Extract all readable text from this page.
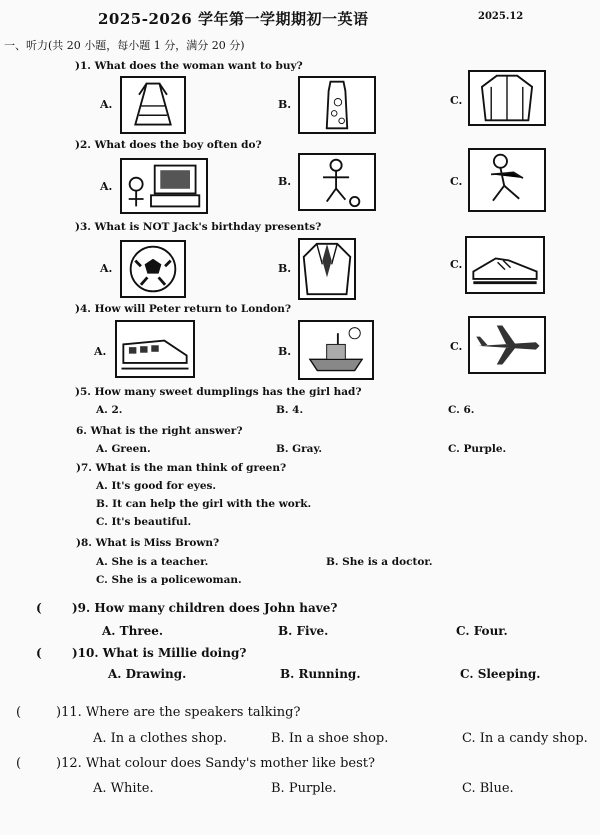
2025-2026 学年第一学期期初一英语	2025.12
一、听力(共 20 小题，每小题 1 分，满分 20 分)
)1. What does the woman want to buy?
A.	B.	C.
)2. What does the boy often do?
A.	B.	C.
)3. What is NOT Jack's birthday presents?
A.	B.	C.
)4. How will Peter return to London?
A.	B.	C.
)5. How many sweet dumplings has the girl had?
A. 2.	B. 4.	C. 6.
6. What is the right answer?
A. Green.	B. Gray.	C. Purple.
)7. What is the man think of green?
A. It's good for eyes.
B. It can help the girl with the work.
C. It's beautiful.
)8. What is Miss Brown?
A. She is a teacher.	B. She is a doctor.
C. She is a policewoman.
(	)9. How many children does John have?
A. Three.	B. Five.	C. Four.
(	)10. What is Millie doing?
A. Drawing.	B. Running.	C. Sleeping.
(	)11. Where are the speakers talking?
A. In a clothes shop.	B. In a shoe shop.	C. In a candy shop.
(	)12. What colour does Sandy's mother like best?
A. White.	B. Purple.	C. Blue.
